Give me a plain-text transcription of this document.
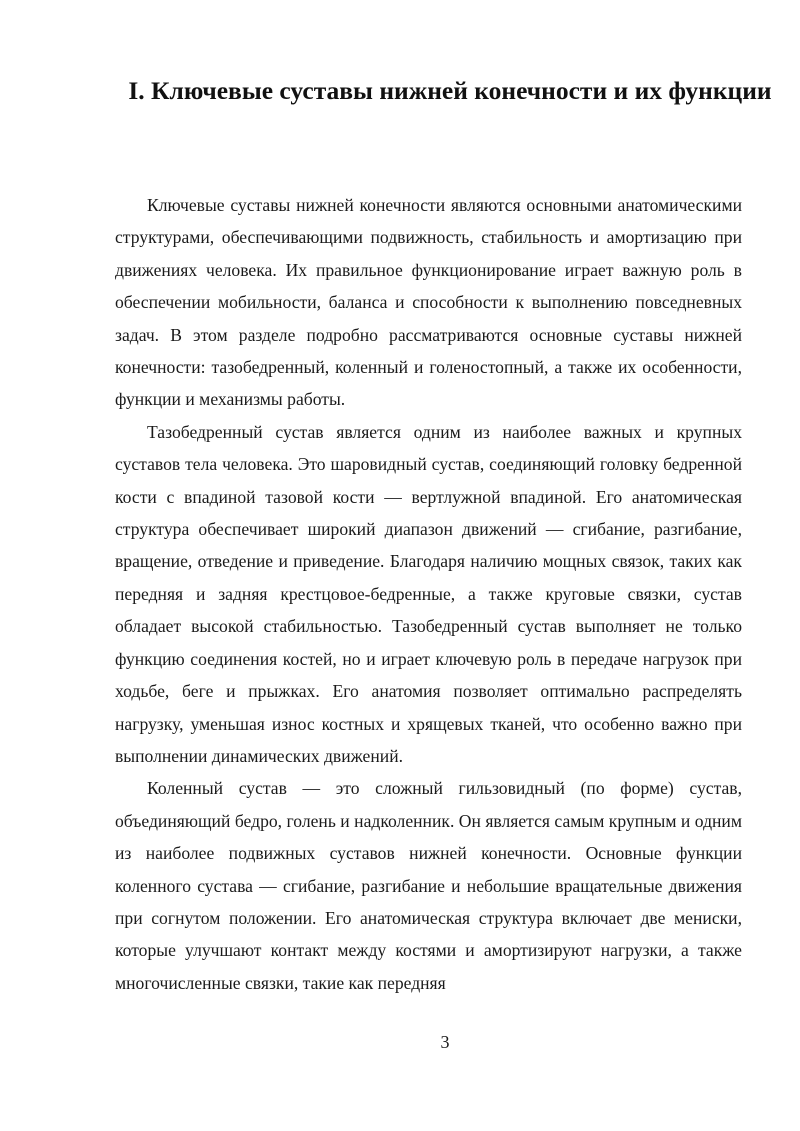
I. Ключевые суставы нижней конечности и их функции

Ключевые суставы нижней конечности являются основными анатомическими структурами, обеспечивающими подвижность, стабильность и амортизацию при движениях человека. Их правильное функционирование играет важную роль в обеспечении мобильности, баланса и способности к выполнению повседневных задач. В этом разделе подробно рассматриваются основные суставы нижней конечности: тазобедренный, коленный и голеностопный, а также их особенности, функции и механизмы работы.

Тазобедренный сустав является одним из наиболее важных и крупных суставов тела человека. Это шаровидный сустав, соединяющий головку бедренной кости с впадиной тазовой кости — вертлужной впадиной. Его анатомическая структура обеспечивает широкий диапазон движений — сгибание, разгибание, вращение, отведение и приведение. Благодаря наличию мощных связок, таких как передняя и задняя крестцовое-бедренные, а также круговые связки, сустав обладает высокой стабильностью. Тазобедренный сустав выполняет не только функцию соединения костей, но и играет ключевую роль в передаче нагрузок при ходьбе, беге и прыжках. Его анатомия позволяет оптимально распределять нагрузку, уменьшая износ костных и хрящевых тканей, что особенно важно при выполнении динамических движений.

Коленный сустав — это сложный гильзовидный (по форме) сустав, объединяющий бедро, голень и надколенник. Он является самым крупным и одним из наиболее подвижных суставов нижней конечности. Основные функции коленного сустава — сгибание, разгибание и небольшие вращательные движения при согнутом положении. Его анатомическая структура включает две мениски, которые улучшают контакт между костями и амортизируют нагрузки, а также многочисленные связки, такие как передняя

3
